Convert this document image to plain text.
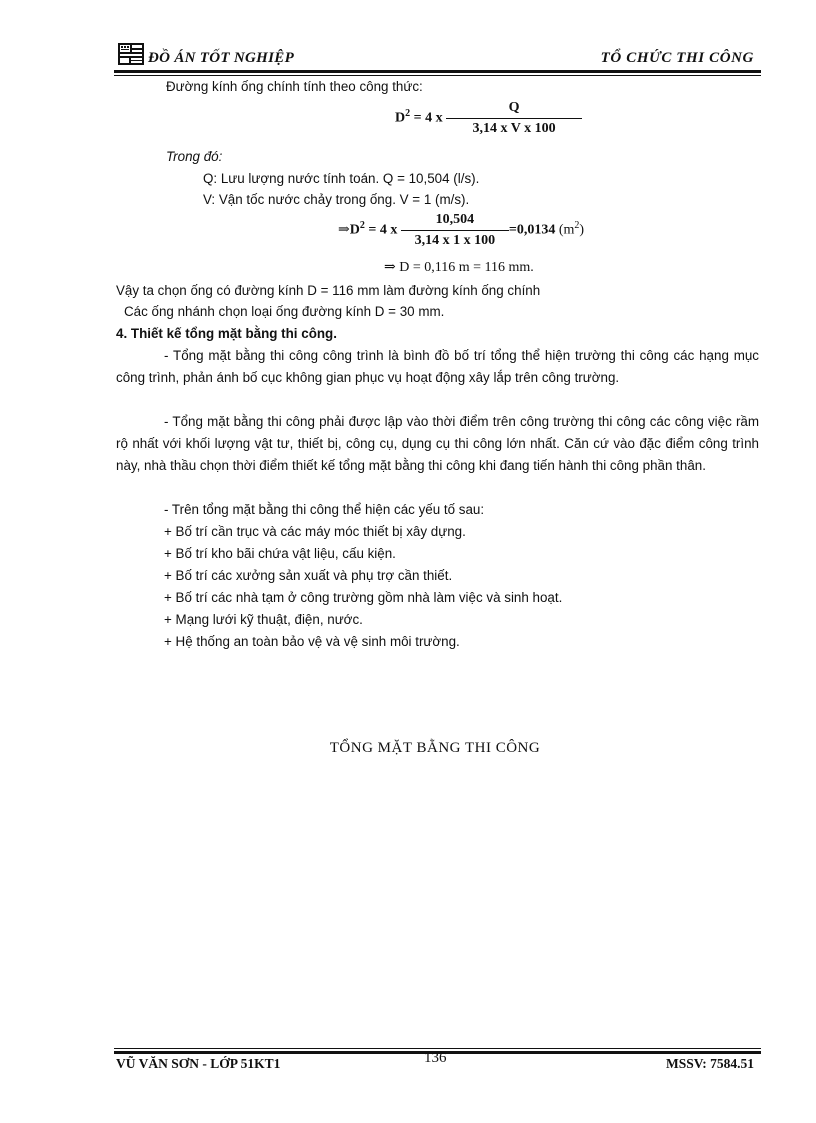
ĐỒ ÁN TỐT NGHIỆP	TỔ CHỨC THI CÔNG
Đường kính ống chính tính theo công thức:
$D^2 = 4$ x $\frac{Q}{\text{3,14 x V x 100}}$
Trong đó:
Q: Lưu lượng nước tính toán. Q = 10,504 (l/s).
V: Vận tốc nước chảy trong ống. V = 1 (m/s).
$\Rightarrow D^2 = 4$ x $\frac{10,504}{3,14 x 1 x 100} =0,0134$ $(m^2)$
⇒ D = 0,116 m = 116 mm.
Vậy ta chọn ống có đường kính D = 116 mm làm đường kính ống chính
Các ống nhánh chọn loại ống đường kính D = 30 mm.
4. Thiết kế tổng mặt bằng thi công.
- Tổng mặt bằng thi công công trình là bình đồ bố trí tổng thể hiện trường thi công các hạng mục công trình, phản ánh bố cục không gian phục vụ hoạt động xây lắp trên công trường.
- Tổng mặt bằng thi công phải được lập vào thời điểm trên công trường thi công các công việc rầm rộ nhất với khối lượng vật tư, thiết bị, công cụ, dụng cụ thi công lớn nhất. Căn cứ vào đặc điểm công trình này, nhà thầu chọn thời điểm thiết kế tổng mặt bằng thi công khi đang tiến hành thi công phần thân.
- Trên tổng mặt bằng thi công thể hiện các yếu tố sau:
+ Bố trí cần trục và các máy móc thiết bị xây dựng.
+ Bố trí kho bãi chứa vật liệu, cấu kiện.
+ Bố trí các xưởng sản xuất và phụ trợ cần thiết.
+ Bố trí các nhà tạm ở công trường gồm nhà làm việc và sinh hoạt.
+ Mạng lưới kỹ thuật, điện, nước.
+ Hệ thống an toàn bảo vệ và vệ sinh môi trường.
TỔNG MẶT BẰNG THI CÔNG
VŨ VĂN SƠN - LỚP 51KT1	136	MSSV: 7584.51
